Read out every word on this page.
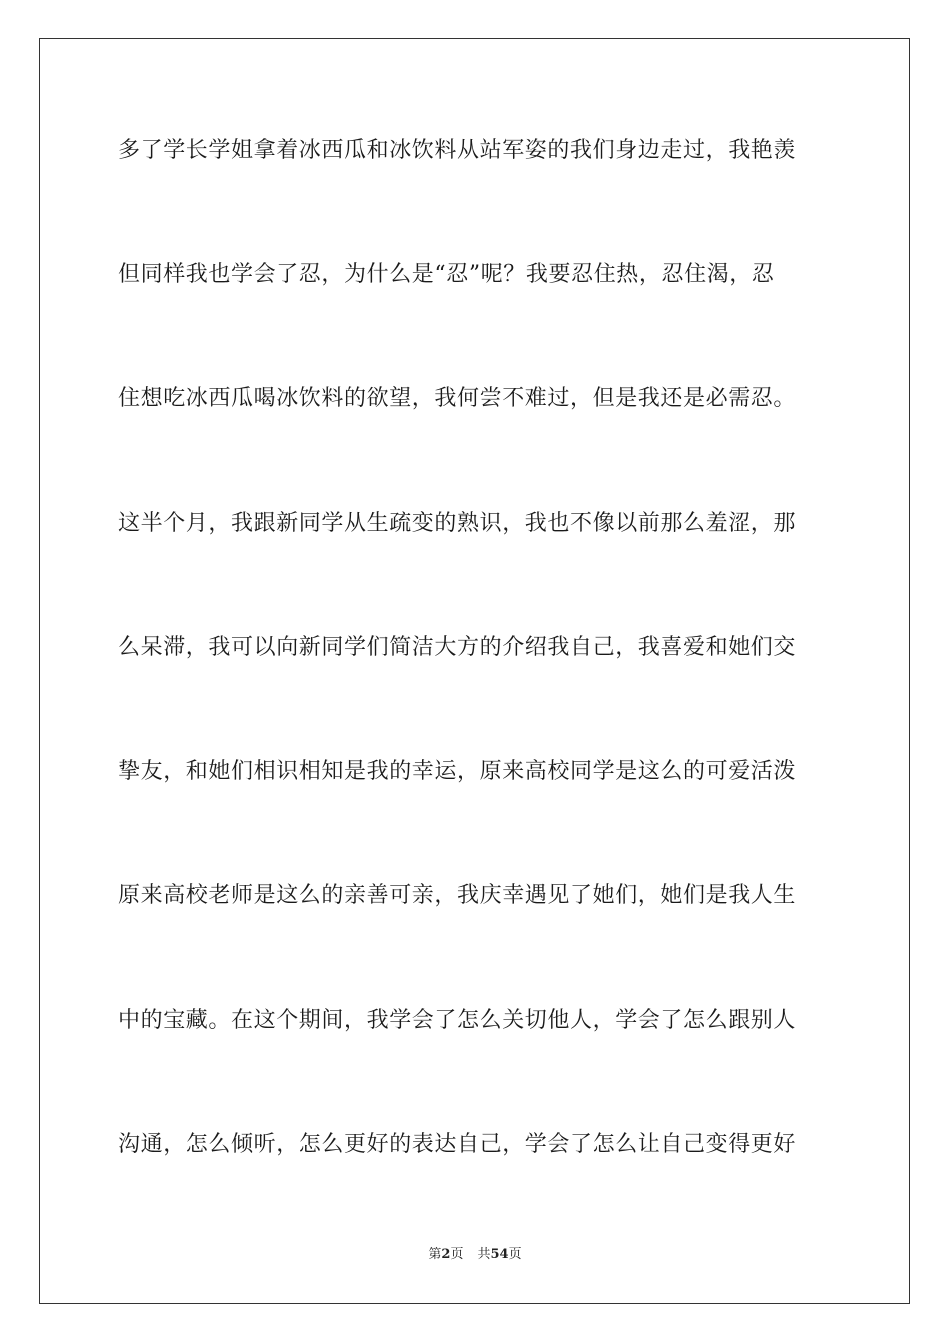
多了学长学姐拿着冰西瓜和冰饮料从站军姿的我们身边走过，我艳羡
但同样我也学会了忍，为什么是“忍”呢？我要忍住热，忍住渴，忍
住想吃冰西瓜喝冰饮料的欲望，我何尝不难过，但是我还是必需忍。
这半个月，我跟新同学从生疏变的熟识，我也不像以前那么羞涩，那
么呆滞，我可以向新同学们简洁大方的介绍我自己，我喜爱和她们交
挚友，和她们相识相知是我的幸运，原来高校同学是这么的可爱活泼
原来高校老师是这么的亲善可亲，我庆幸遇见了她们，她们是我人生
中的宝藏。在这个期间，我学会了怎么关切他人，学会了怎么跟别人
沟通，怎么倾听，怎么更好的表达自己，学会了怎么让自己变得更好
第2页 共54页
